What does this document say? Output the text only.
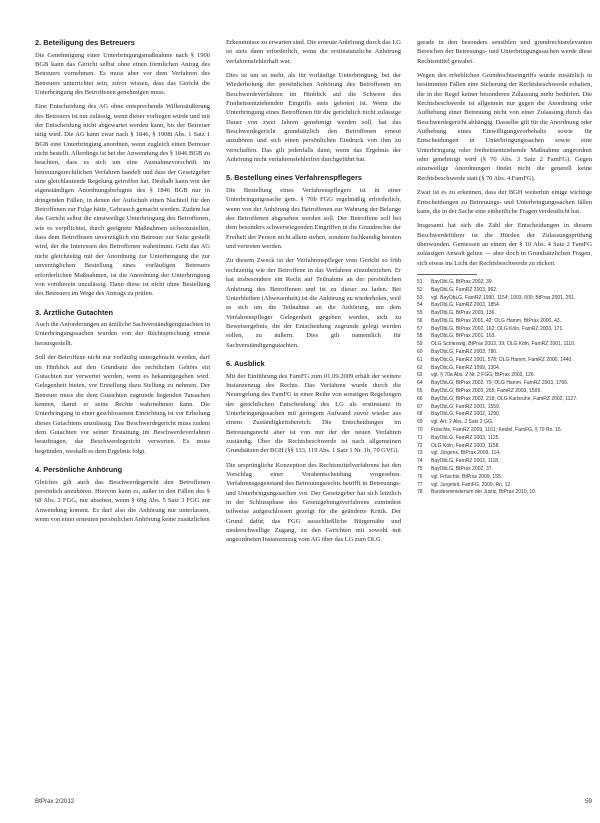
2. Beteiligung des Betreuers

Die Genehmigung einer Unterbringungsmaßnahme nach § 1906 BGB kann das Gericht selbst ohne einen förmlichen Antrag des Betreuers vornehmen. Es muss aber vor dem Verfahren des Betreuers unterrichtet sein, zuvor wissen, dass das Gericht die Unterbringung des Betroffenen genehmigen muss.

Eine Entscheidung des AG ohne entsprechende Willensäußerung des Betreuers ist nur zulässig, wenn dieser vorliegen würde und mit der Entscheidung nicht abgewartet werden kann, bis der Betreuer tätig wird. Die AG kann zwar nach § 1846, § 1908i Abs. 1 Satz 1 BGB eine Unterbringung anordnen, wenn zugleich einen Betreuer nicht bestellt. Allerdings ist bei der Anwendung des § 1846 BGB zu beachten, dass es sich um eine Ausnahmevorschrift im betreuungsrechtlichen Verfahren handelt und dass der Gesetzgeber eine gleichlautende Regelung getroffen hat. Deshalb kann von der eigenständigen Anordnungsbefugnis des § 1846 BGB nur in dringenden Fällen, in denen der Aufschub einen Nachteil für den Betroffenen zur Folge hätte, Gebrauch gemacht werden. Zudem hat das Gericht selbst die einstweilige Unterbringung des Betroffenen, wie es verpflichtet, durch geeignete Maßnahmen sicherzustellen, dass dem Betroffenen unverzüglich ein Betreuer zur Seite gestellt wird, der die Interessen des Betroffenen wahrnimmt. Geht das AG nicht gleichzeitig mit der Anordnung zur Unterbringung die zur unverzüglichen Bestellung eines vorläufigen Betreuers erforderlichen Maßnahmen, ist die Anordnung der Unterbringung von vornherein unzulässig. Dann diese ist nicht ohne Bestellung des Betreuers im Wege des Antrags zu prüfen.

3. Ärztliche Gutachten

Auch die Anforderungen an ärztliche Sachverständigengutachten in Unterbringungssachen wurden von der Rechtsprechung erneut herausgestellt.

Soll der Betroffene nicht nur vorläufig untergebracht werden, darf im Hinblick auf den Grundsatz des rechtlichen Gehörs ein Gutachten nur verwertet werden, wenn es bekanntgegeben wird. Gelegenheit bieten, vor Erstellung dazu Stellung zu nehmen. Der Betreuer muss die dem Gutachten zugrunde liegenden Tatsachen kennen, damit er seine Rechte wahrnehmen kann. Die Unterbringung in einer geschlossenen Einrichtung ist vor Erholung dieses Gutachtens unzulässig. Das Beschwerdegericht muss zudem dem Gutachten vor seiner Erstattung im Beschwerdeverfahren beauftragen, das Beschwerdegericht verwerten. Es muss begründen, weshalb es dem Ergebnis folgt.

4. Persönliche Anhörung

Gleiches gilt auch das Beschwerdegericht den Betroffenen persönlich anzuhören. Hiervon kann es, außer in den Fällen des § 68 Abs. 2 FGG, nur absehen, wenn § 69g Abs. 5 Satz 3 FGG zur Anwendung kommt. Es darf also die Anhörung nur unterlassen, wenn von einer erneuten persönlichen Anhörung keine zusätzlichen

Erkenntnisse zu erwarten sind. Die erneute Anhörung durch das LG ist stets dann erforderlich, wenn die erstinstanzliche Anhörung verfahrensfehlerhaft war.

Dies ist um so mehr, als für vorläufige Unterbringung, bei der Wiederholung der persönlichen Anhörung des Betroffenen im Beschwerdeverfahren im Hinblick auf die Schwere des Freiheitsentziehenden Eingriffs stets geboten ist. Wenn die Unterbringung eines Betroffenen für die gerichtlich nicht zulässige Dauer von zwei Jahren genehmigt werden soll, hat das Beschwerdegericht grundsätzlich den Betroffenen erneut anzuhören und sich einen persönlichen Eindruck von ihm zu verschaffen. Das gilt jedenfalls dann, wenn das Ergebnis der Anhörung nicht verfahrensfehlerfrei durchgeführt hat.

5. Bestellung eines Verfahrenspflegers

Die Bestellung eines Verfahrenspflegers ist in einer Unterbringungssache gem. § 70b FGG regelmäßig erforderlich, wenn von der Anhörung des Betroffenen zur Wahrung der Belange des Betroffenen abgesehen werden soll. Der Betroffene soll bei dem besonders schwerwiegenden Eingriffen in die Grundrechte der Freiheit der Person nicht allein stehen, sondern fachkundig beraten und vertreten werden.

Zu diesem Zweck ist der Verfahrenspfleger vom Gericht so früh rechtzeitig wie der Betroffene in das Verfahren einzubeziehen. Er hat insbesondere ein Recht auf Teilnahme an der persönlichen Anhörung des Betroffenen und ist zu dieser zu laden. Bei Unterbleiben (Abwesenheit) ist die Anhörung zu wiederholen, weil es sich um die Teilnahme an die Anhörung, um dem Verfahrenspfleger Gelegenheit gegeben werden, sich zu Beweisergebnis, die der Entscheidung zugrunde gelegt werden sollen, zu äußern. Dies gilt namentlich für Sachverständigengutachten.

6. Ausblick

Mit der Einführung des FamFG zum 01.09.2009 erhält der weitere Instanzenzug des Rechts. Das Verfahren wurde durch die Neuregelung des FamFG in einer Reihe von sonstigen Regelungen der gerichtlichen Entscheidung des LG als erstinstanz in Unterbringungssachen mit geringem Aufwand zuvor wieder aus einem Zuständigkeitsbereich. Die Entscheidungen im Betreuungsrecht aber ist von nur der der neuen Verfahren zuständig. Über die Rechtsbeschwerde ist nach allgemeinen Grundsätzen der BGH (§§ 133, 119 Abs. 1 Satz 1 Nr. 1b, 70 GVG).

Die ursprüngliche Konzeption des Rechtsmittelverfahrens hat den Vorschlag einer Vorabentscheidung vorgesehen. Verfahrensgegenstand des Betreuungsrechts betrifft in Betreuungs- und Unterbringungssachen vor. Der Gesetzgeber hat sich letztlich in der Schlussphase des Gesetzgebungsverfahrens zumindest teilweise aufgeschlossen gezeigt für die geänderte Kritik. Der Grund dafür, das FGG ausschließliche Bürgernähe und niederschwellige Zugang, zu den Gerichten mit sowohl mit angeordneten Instanzenzug vom AG über das LG zum OLG

gerade in den besonders sensiblen und grundrechtsrelevanten Bereichen der Betreuungs- und Unterbringungssachen werde diese Rechtsmittel gewahrt.

Wegen des erheblichen Grundrechtseingriffs wurde zusätzlich in bestimmten Fällen eine Sicherung der Rechtsbeschwerde erhalten, die in der Regel keiner besonderen Zulassung mehr bedürfen. Die Rechtsbeschwerde ist allgemein nur gegen die Anordnung oder Aufhebung einer Betreuung nicht von einer Zulassung durch das Beschwerdegericht abhängig. Dasselbe gilt für die Anordnung oder Aufhebung eines Einwilligungsvorbehalts sowie für Entscheidungen in Unterbringungssachen sowie eine Unterbringung oder freiheitsentziehende Maßnahme angeordnet oder genehmigt wird (§ 70 Abs. 3 Satz 2 FamFG). Gegen einstweilige Anordnungen findet nicht die generell keine Rechtsbeschwerde statt (§ 70 Abs. 4 FamFG).

Zwar ist es zu erkennen, dass der BGH weiterhin einige wichtige Entscheidungen zu Betreuungs- und Unterbringungssachen fällen kann, die in der Sache eine einheitliche Fragen verdeutlicht hat.

Insgesamt hat sich die Zahl der Entscheidungen in diesem Beschwerdeführer ist die Hürden der Zulassungsprüfung überwunden. Gemessen an einem der § 10 Abs. 4 Satz 2 FamFG zulässigen Anwalt gelten — aber doch in Grundsätzlichen Fragen, sich etwas ins Licht der Rechtsbeschwerde zu rücken.

51	BayObLG, BtPrax 2002, 39.
52	BayObLG, FamRZ 2003, 962.
53	vgl. BayObLG, FamRZ 1990, 1154; 1993, 600; BtPrax 2001, 251.
54	BayObLG, FamRZ 2003, 1854.
55	BayObLG, BtPrax 2003, 136.
56	BayObLG, BtPrax 2001, 42; OLG Hamm, BtPrax 2000, 43.
57	BayObLG, BtPrax 2002, 162; OLG Köln, FamRZ 2003, 171.
58	BayObLG, BtPrax 2001, 163.
59	OLG Schleswig, BtPrax 2003, 39; OLG Köln, FamRZ 2001, 1110.
60	BayObLG, FamRZ 2003, 780.
61	BayObLG, FamRZ 2001, 578; OLG Hamm, FamRZ 2000, 1440.
62	BayObLG, FamRZ 1999, 1304.
63	vgl. § 70a Abs. 2 Nr. 2 FGG; BtPrax 2002, 126.
64	BayObLG, BtPrax 2002, 79; OLG Hamm, FamRZ 2003, 1766.
65	BayObLG, BtPrax 2003, 265; FamRZ 2003, 1599.
66	BayObLG, BtPrax 2002, 218; OLG Karlsruhe, FamRZ 2002, 1127.
67	BayObLG, FamRZ 2001, 1559.
68	BayObLG, FamRZ 2002, 1290.
69	vgl. Art. 2 Abs. 2 Satz 2 GG.
70	Fröschle, FamRZ 2009, 1161; Keidel, FamFG, § 70 Rn. 15.
71	BayObLG, FamRZ 2003, 1125.
72	OLG Köln, FamRZ 2009, 1158.
73	vgl. Jürgens, BtPrax 2009, 114.
74	BayObLG, FamRZ 2002, 1118.
75	BayObLG, BtPrax 2002, 37.
76	vgl. Fröschle, BtPrax 2009, 155.
77	vgl. Jurgeleit, FamFG, 2009, Rn. 12.
78	Bundesministerium der Justiz, BtPrax 2010, 10.
BtPrax 2/2012	59
